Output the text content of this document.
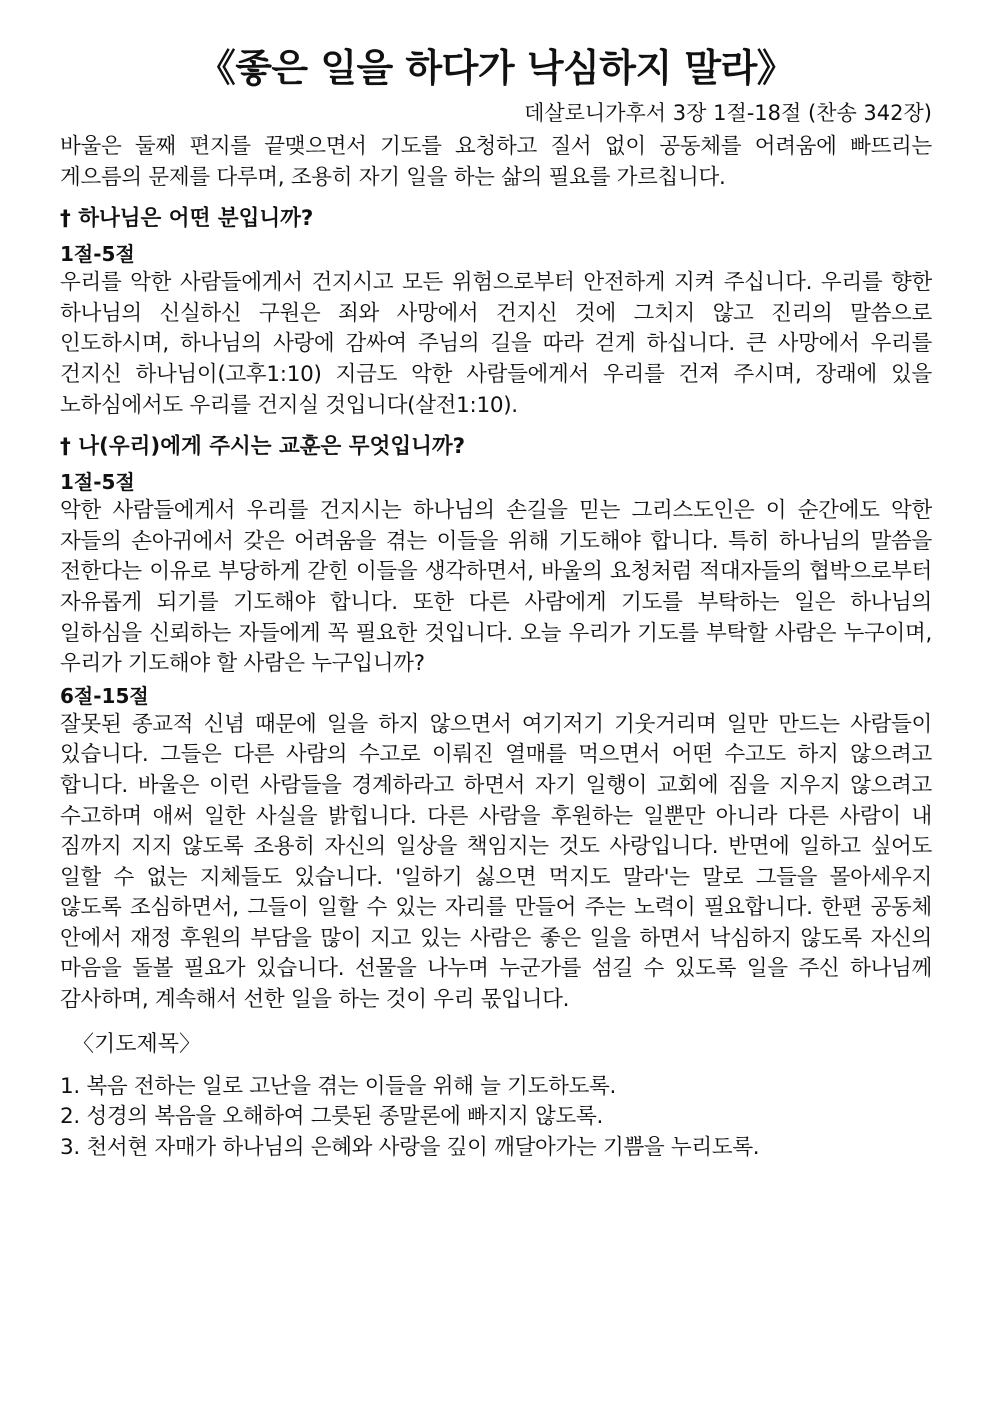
《좋은 일을 하다가 낙심하지 말라》
데살로니가후서 3장 1절-18절 (찬송 342장)

바울은 둘째 편지를 끝맺으면서 기도를 요청하고 질서 없이 공동체를 어려움에 빠뜨리는 게으름의 문제를 다루며, 조용히 자기 일을 하는 삶의 필요를 가르칩니다.

† 하나님은 어떤 분입니까?
1절-5절

우리를 악한 사람들에게서 건지시고 모든 위험으로부터 안전하게 지켜 주십니다. 우리를 향한 하나님의 신실하신 구원은 죄와 사망에서 건지신 것에 그치지 않고 진리의 말씀으로 인도하시며, 하나님의 사랑에 감싸여 주님의 길을 따라 걷게 하십니다. 큰 사망에서 우리를 건지신 하나님이(고후1:10) 지금도 악한 사람들에게서 우리를 건져 주시며, 장래에 있을 노하심에서도 우리를 건지실 것입니다(살전1:10).

† 나(우리)에게 주시는 교훈은 무엇입니까?
1절-5절

악한 사람들에게서 우리를 건지시는 하나님의 손길을 믿는 그리스도인은 이 순간에도 악한 자들의 손아귀에서 갖은 어려움을 겪는 이들을 위해 기도해야 합니다. 특히 하나님의 말씀을 전한다는 이유로 부당하게 갇힌 이들을 생각하면서, 바울의 요청처럼 적대자들의 협박으로부터 자유롭게 되기를 기도해야 합니다. 또한 다른 사람에게 기도를 부탁하는 일은 하나님의 일하심을 신뢰하는 자들에게 꼭 필요한 것입니다. 오늘 우리가 기도를 부탁할 사람은 누구이며, 우리가 기도해야 할 사람은 누구입니까?

6절-15절

잘못된 종교적 신념 때문에 일을 하지 않으면서 여기저기 기웃거리며 일만 만드는 사람들이 있습니다. 그들은 다른 사람의 수고로 이뤄진 열매를 먹으면서 어떤 수고도 하지 않으려고 합니다. 바울은 이런 사람들을 경계하라고 하면서 자기 일행이 교회에 짐을 지우지 않으려고 수고하며 애써 일한 사실을 밝힙니다. 다른 사람을 후원하는 일뿐만 아니라 다른 사람이 내 짐까지 지지 않도록 조용히 자신의 일상을 책임지는 것도 사랑입니다. 반면에 일하고 싶어도 일할 수 없는 지체들도 있습니다. '일하기 싫으면 먹지도 말라'는 말로 그들을 몰아세우지 않도록 조심하면서, 그들이 일할 수 있는 자리를 만들어 주는 노력이 필요합니다. 한편 공동체 안에서 재정 후원의 부담을 많이 지고 있는 사람은 좋은 일을 하면서 낙심하지 않도록 자신의 마음을 돌볼 필요가 있습니다. 선물을 나누며 누군가를 섬길 수 있도록 일을 주신 하나님께 감사하며, 계속해서 선한 일을 하는 것이 우리 몫입니다.

〈기도제목〉
1. 복음 전하는 일로 고난을 겪는 이들을 위해 늘 기도하도록.
2. 성경의 복음을 오해하여 그릇된 종말론에 빠지지 않도록.
3. 천서현 자매가 하나님의 은혜와 사랑을 깊이 깨달아가는 기쁨을 누리도록.
